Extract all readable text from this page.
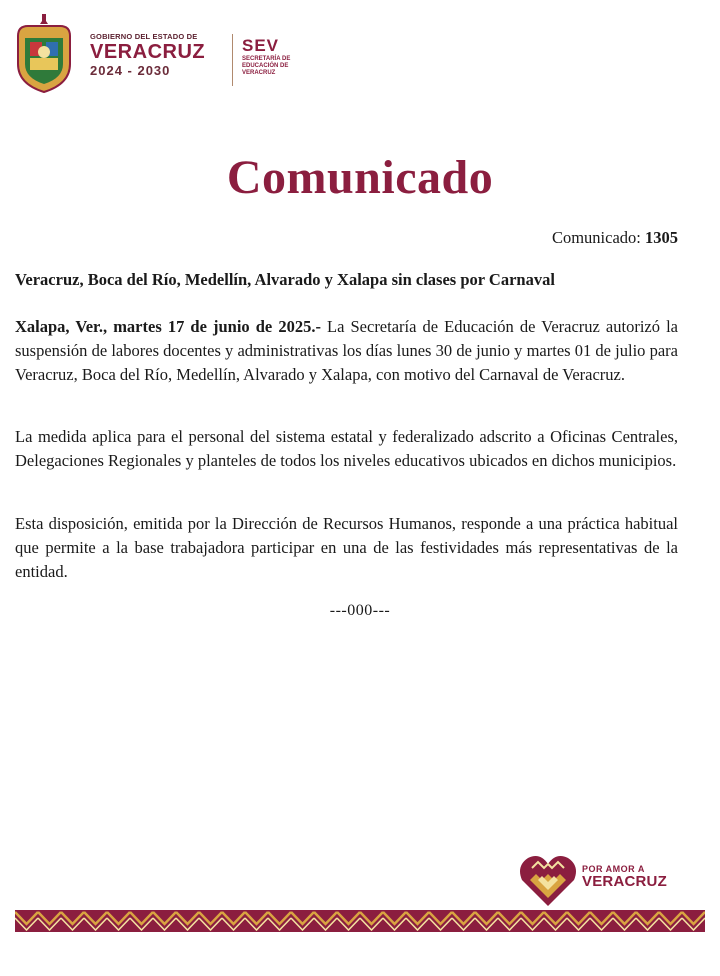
GOBIERNO DEL ESTADO DE
VERACRUZ
2024 - 2030
SEV
SECRETARÍA DE EDUCACIÓN DE VERACRUZ
Comunicado
Comunicado: 1305
Veracruz, Boca del Río, Medellín, Alvarado y Xalapa sin clases por Carnaval
Xalapa, Ver., martes 17 de junio de 2025.- La Secretaría de Educación de Veracruz autorizó la suspensión de labores docentes y administrativas los días lunes 30 de junio y martes 01 de julio para Veracruz, Boca del Río, Medellín, Alvarado y Xalapa, con motivo del Carnaval de Veracruz.
La medida aplica para el personal del sistema estatal y federalizado adscrito a Oficinas Centrales, Delegaciones Regionales y planteles de todos los niveles educativos ubicados en dichos municipios.
Esta disposición, emitida por la Dirección de Recursos Humanos, responde a una práctica habitual que permite a la base trabajadora participar en una de las festividades más representativas de la entidad.
---000---
POR AMOR A
VERACRUZ
